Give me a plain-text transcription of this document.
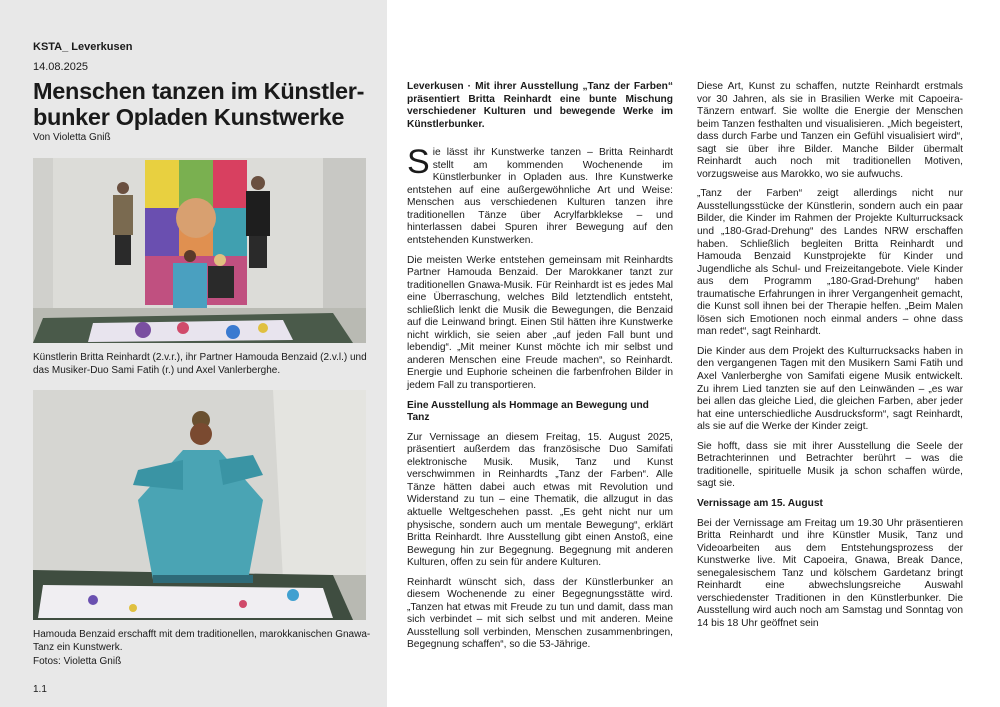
KSTA_ Leverkusen
14.08.2025
Menschen tanzen im Künstler-bunker Opladen Kunstwerke
Von Violetta Gniß
Künstlerin Britta Reinhardt (2.v.r.), ihr Partner Hamouda Benzaid (2.v.l.) und das Musiker-Duo Sami Fatih (r.) und Axel Vanlerberghe.
Hamouda Benzaid erschafft mit dem traditionellen, marokkanischen Gnawa-Tanz ein Kunstwerk.
Fotos: Violetta Gniß
1.1

Leverkusen · Mit ihrer Ausstellung „Tanz der Farben“ präsentiert Britta Reinhardt eine bunte Mischung verschiedener Kulturen und bewegende Werke im Künstlerbunker.

Sie lässt ihr Kunstwerke tanzen – Britta Reinhardt stellt am kommenden Wochenende im Künstlerbunker in Opladen aus. Ihre Kunstwerke entstehen auf eine außergewöhnliche Art und Weise: Menschen aus verschiedenen Kulturen tanzen ihre traditionellen Tänze über Acrylfarbklekse – und hinterlassen dabei Spuren ihrer Bewegung auf den entstehenden Kunstwerken.

Die meisten Werke entstehen gemeinsam mit Reinhardts Partner Hamouda Benzaid. Der Marokkaner tanzt zur traditionellen Gnawa-Musik. Für Reinhardt ist es jedes Mal eine Überraschung, welches Bild letztendlich entsteht, schließlich lenkt die Musik die Bewegungen, die Benzaid auf die Leinwand bringt. Einen Stil hätten ihre Kunstwerke nicht wirklich, sie seien aber „auf jeden Fall bunt und lebendig“. „Mit meiner Kunst möchte ich mir selbst und anderen Menschen eine Freude machen“, so Reinhardt. Energie und Euphorie scheinen die farbenfrohen Bilder in jedem Fall zu transportieren.

Eine Ausstellung als Hommage an Bewegung und Tanz

Zur Vernissage an diesem Freitag, 15. August 2025, präsentiert außerdem das französische Duo Samifati elektronische Musik. Musik, Tanz und Kunst verschwimmen in Reinhardts „Tanz der Farben“. Alle Tänze hätten dabei auch etwas mit Revolution und Widerstand zu tun – eine Thematik, die allzugut in das aktuelle Weltgeschehen passt. „Es geht nicht nur um physische, sondern auch um mentale Bewegung“, erklärt Britta Reinhardt. Ihre Ausstellung gibt einen Anstoß, eine Bewegung hin zur Begegnung. Begegnung mit anderen Kulturen, offen zu sein für andere Kulturen.

Reinhardt wünscht sich, dass der Künstlerbunker an diesem Wochenende zu einer Begegnungsstätte wird. „Tanzen hat etwas mit Freude zu tun und damit, dass man sich verbindet – mit sich selbst und mit anderen. Meine Ausstellung soll verbinden, Menschen zusammenbringen, Begegnung schaffen“, so die 53-Jährige.

Diese Art, Kunst zu schaffen, nutzte Reinhardt erstmals vor 30 Jahren, als sie in Brasilien Werke mit Capoeira-Tänzern entwarf. Sie wollte die Energie der Menschen beim Tanzen festhalten und visualisieren. „Mich begeistert, dass durch Farbe und Tanzen ein Gefühl visualisiert wird“, sagt sie über ihre Bilder. Manche Bilder übermalt Reinhardt auch noch mit traditionellen Motiven, vorzugsweise aus Marokko, wo sie aufwuchs.

„Tanz der Farben“ zeigt allerdings nicht nur Ausstellungsstücke der Künstlerin, sondern auch ein paar Bilder, die Kinder im Rahmen der Projekte Kulturrucksack und „180-Grad-Drehung“ des Landes NRW erschaffen haben. Schließlich begleiten Britta Reinhardt und Hamouda Benzaid Kunstprojekte für Kinder und Jugendliche als Schul- und Freizeitangebote. Viele Kinder aus dem Programm „180-Grad-Drehung“ haben traumatische Erfahrungen in ihrer Vergangenheit gemacht, die Kunst soll ihnen bei der Therapie helfen. „Beim Malen lösen sich Emotionen noch einmal anders – ohne dass man redet“, sagt Reinhardt.

Die Kinder aus dem Projekt des Kulturrucksacks haben in den vergangenen Tagen mit den Musikern Sami Fatih und Axel Vanlerberghe von Samifati eigene Musik entwickelt. Zu ihrem Lied tanzten sie auf den Leinwänden – „es war bei allen das gleiche Lied, die gleichen Farben, aber jeder hat eine unterschiedliche Ausdrucksform“, sagt Reinhardt, als sie auf die Werke der Kinder zeigt.

Sie hofft, dass sie mit ihrer Ausstellung die Seele der Betrachterinnen und Betrachter berührt – was die traditionelle, spirituelle Musik ja schon schaffen würde, sagt sie.

Vernissage am 15. August

Bei der Vernissage am Freitag um 19.30 Uhr präsentieren Britta Reinhardt und ihre Künstler Musik, Tanz und Videoarbeiten aus dem Entstehungsprozess der Kunstwerke live. Mit Capoeira, Gnawa, Break Dance, senegalesischem Tanz und kölschem Gardetanz bringt Reinhardt eine abwechslungsreiche Auswahl verschiedenster Traditionen in den Künstlerbunker. Die Ausstellung wird auch noch am Samstag und Sonntag von 14 bis 18 Uhr geöffnet sein
